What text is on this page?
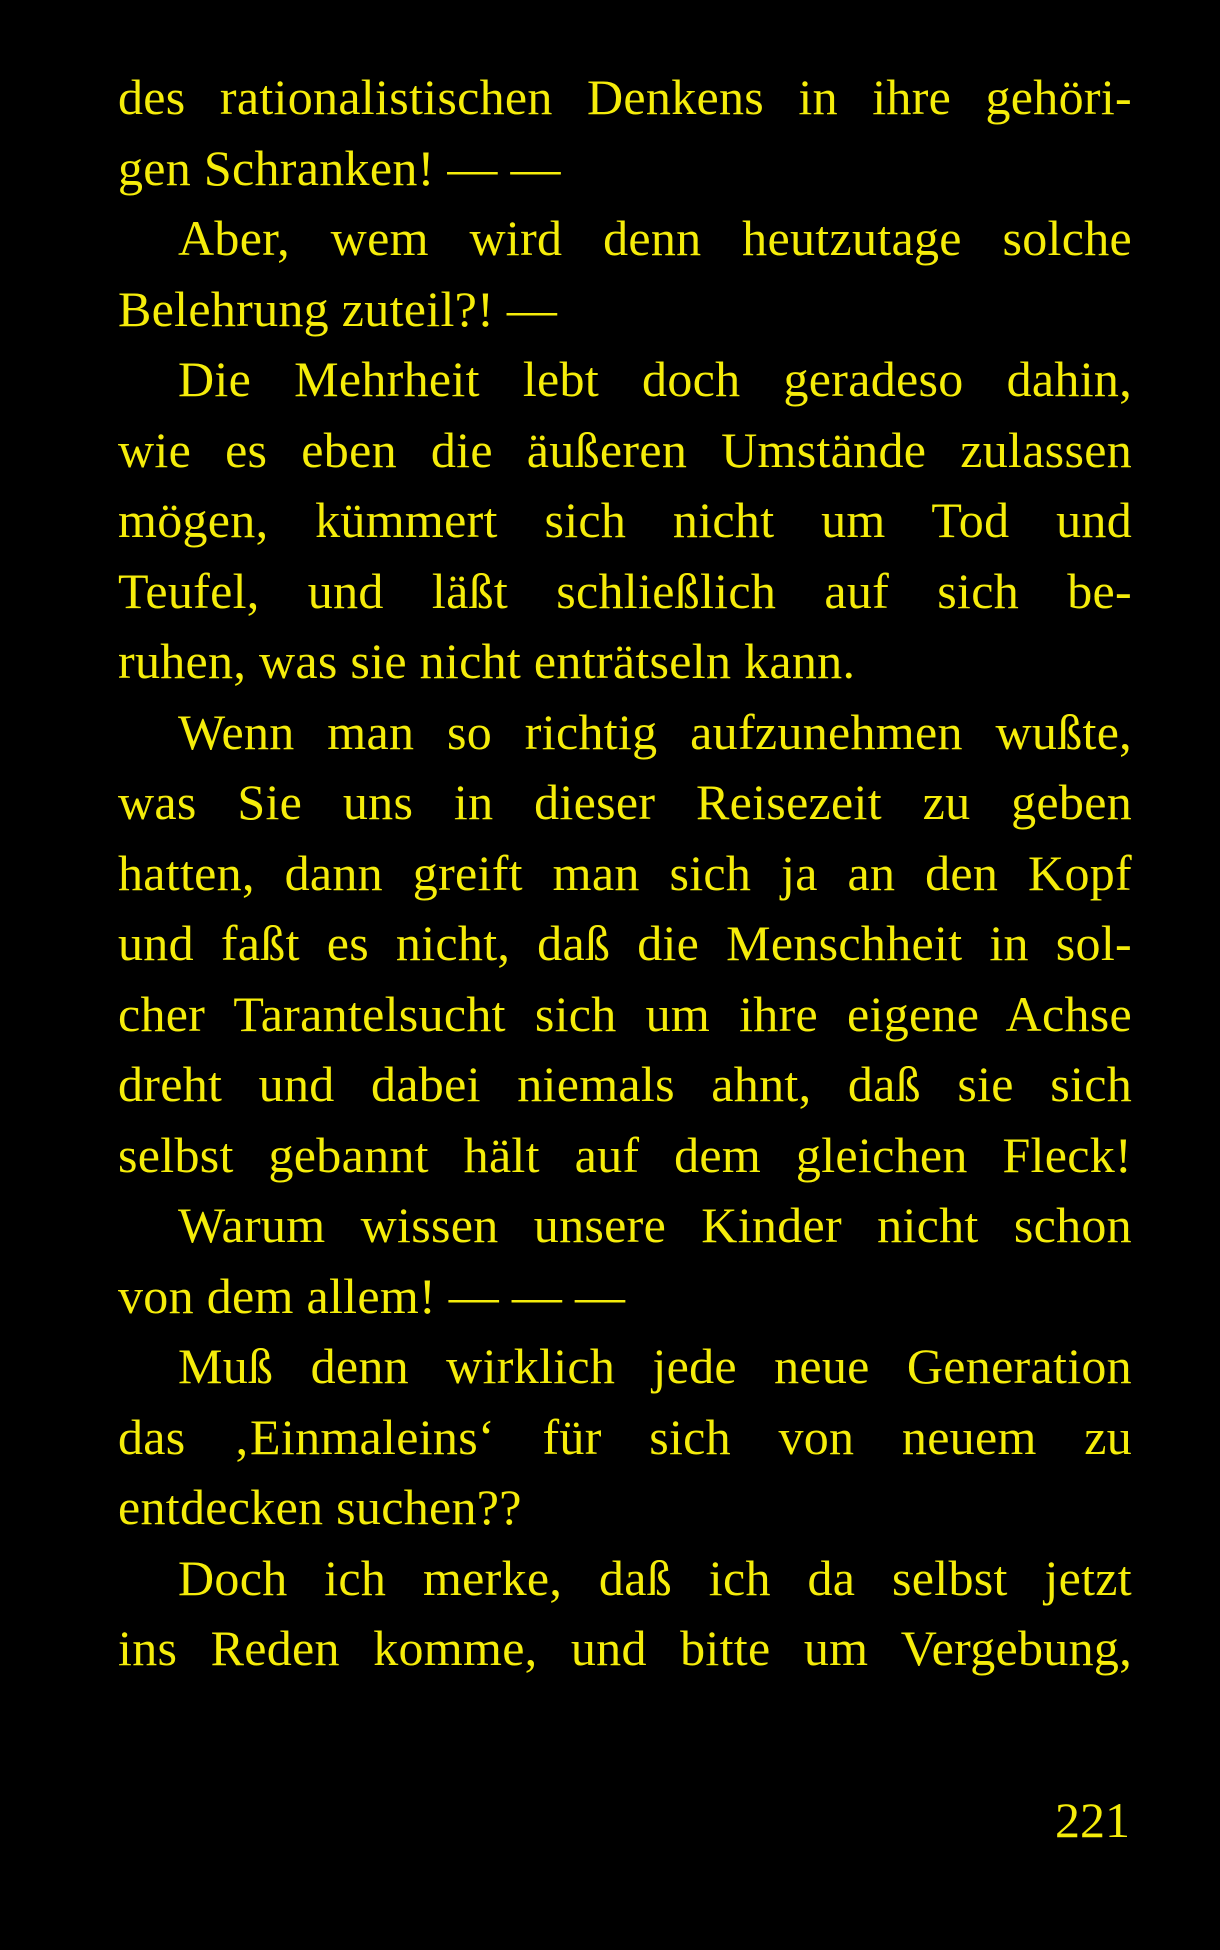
des rationalistischen Denkens in ihre gehöri-
gen Schranken! — —
Aber, wem wird denn heutzutage solche
Belehrung zuteil?! —
Die Mehrheit lebt doch geradeso dahin,
wie es eben die äußeren Umstände zulassen
mögen, kümmert sich nicht um Tod und
Teufel, und läßt schließlich auf sich be-
ruhen, was sie nicht enträtseln kann.
Wenn man so richtig aufzunehmen wußte,
was Sie uns in dieser Reisezeit zu geben
hatten, dann greift man sich ja an den Kopf
und faßt es nicht, daß die Menschheit in sol-
cher Tarantelsucht sich um ihre eigene Achse
dreht und dabei niemals ahnt, daß sie sich
selbst gebannt hält auf dem gleichen Fleck!
Warum wissen unsere Kinder nicht schon
von dem allem! — — —
Muß denn wirklich jede neue Generation
das ‚Einmaleins‘ für sich von neuem zu
entdecken suchen??
Doch ich merke, daß ich da selbst jetzt
ins Reden komme, und bitte um Vergebung,
221
